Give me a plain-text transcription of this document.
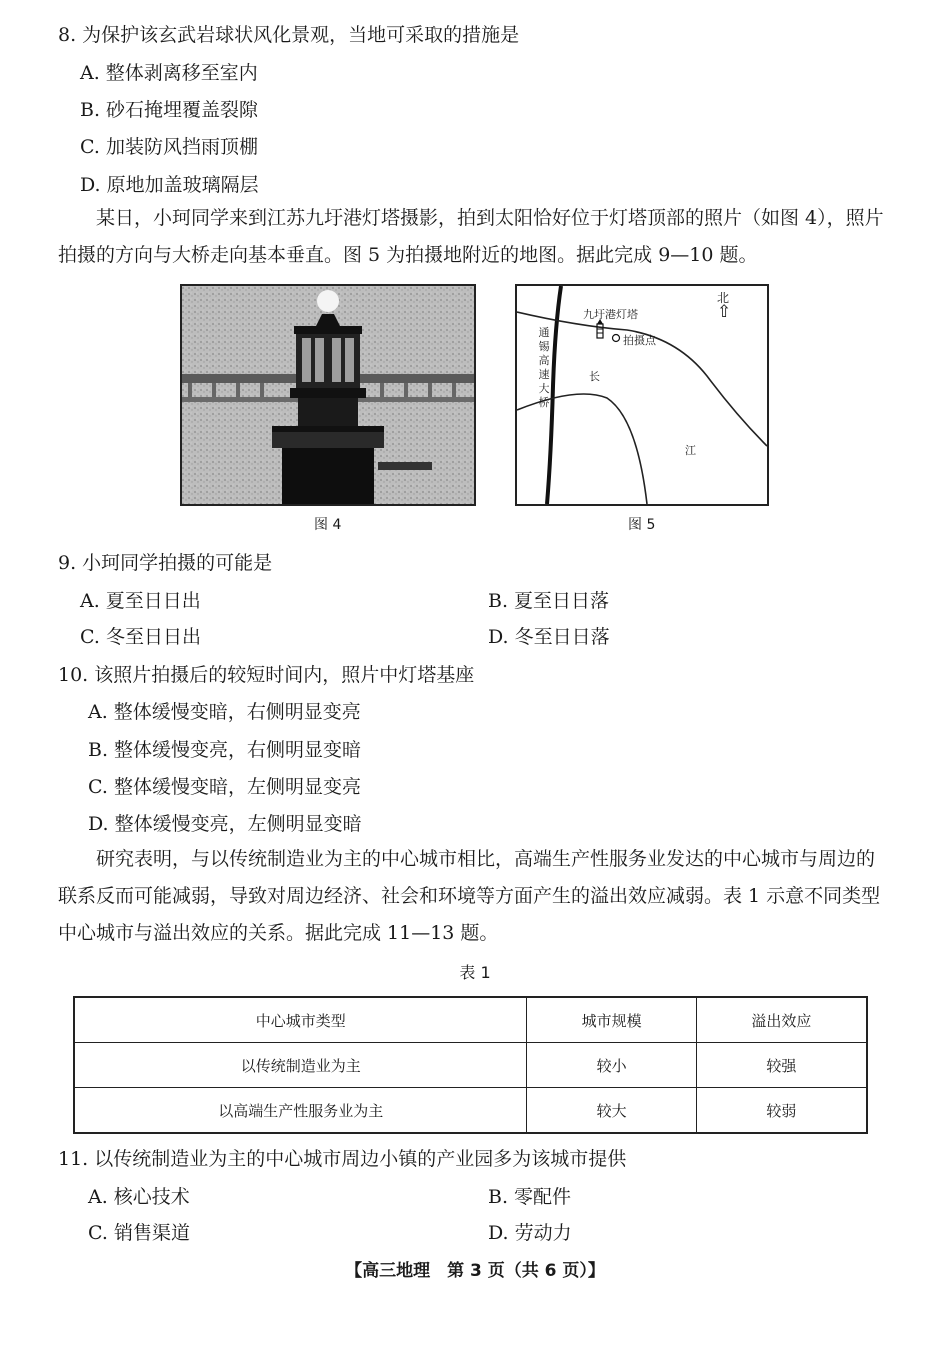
8. 为保护该玄武岩球状风化景观，当地可采取的措施是
A. 整体剥离移至室内
B. 砂石掩埋覆盖裂隙
C. 加装防风挡雨顶棚
D. 原地加盖玻璃隔层
某日，小珂同学来到江苏九圩港灯塔摄影，拍到太阳恰好位于灯塔顶部的照片（如图 4），照片拍摄的方向与大桥走向基本垂直。图 5 为拍摄地附近的地图。据此完成 9—10 题。
图 4
北
⇧
九圩港灯塔
拍摄点
通
锡
高
速
大
桥
长
江
图 5
9. 小珂同学拍摄的可能是
A. 夏至日日出	B. 夏至日日落
C. 冬至日日出	D. 冬至日日落
10. 该照片拍摄后的较短时间内，照片中灯塔基座
A. 整体缓慢变暗，右侧明显变亮
B. 整体缓慢变亮，右侧明显变暗
C. 整体缓慢变暗，左侧明显变亮
D. 整体缓慢变亮，左侧明显变暗
研究表明，与以传统制造业为主的中心城市相比，高端生产性服务业发达的中心城市与周边的联系反而可能减弱，导致对周边经济、社会和环境等方面产生的溢出效应减弱。表 1 示意不同类型中心城市与溢出效应的关系。据此完成 11—13 题。
表 1
中心城市类型	城市规模	溢出效应
以传统制造业为主	较小	较强
以高端生产性服务业为主	较大	较弱
11. 以传统制造业为主的中心城市周边小镇的产业园多为该城市提供
A. 核心技术	B. 零配件
C. 销售渠道	D. 劳动力
【高三地理　第 3 页（共 6 页）】
